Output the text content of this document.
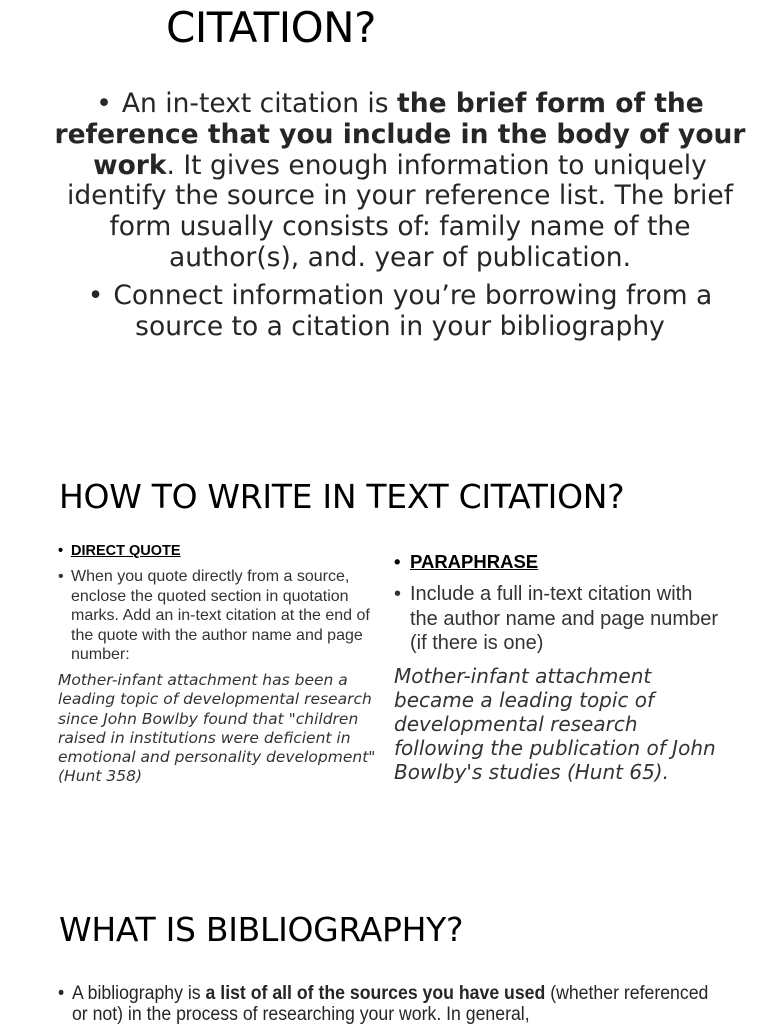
CITATION?

• An in-text citation is the brief form of the reference that you include in the body of your work. It gives enough information to uniquely identify the source in your reference list. The brief form usually consists of: family name of the author(s), and. year of publication.

• Connect information you’re borrowing from a source to a citation in your bibliography

HOW TO WRITE IN TEXT CITATION?
• DIRECT QUOTE
• When you quote directly from a source, enclose the quoted section in quotation marks. Add an in-text citation at the end of the quote with the author name and page number:
Mother-infant attachment has been a leading topic of developmental research since John Bowlby found that "children raised in institutions were deficient in emotional and personality development"(Hunt 358)
• PARAPHRASE
• Include a full in-text citation with the author name and page number (if there is one)
Mother-infant attachment became a leading topic of developmental research following the publication of John Bowlby's studies (Hunt 65).
WHAT IS BIBLIOGRAPHY?
• A bibliography is a list of all of the sources you have used (whether referenced or not) in the process of researching your work. In general,
